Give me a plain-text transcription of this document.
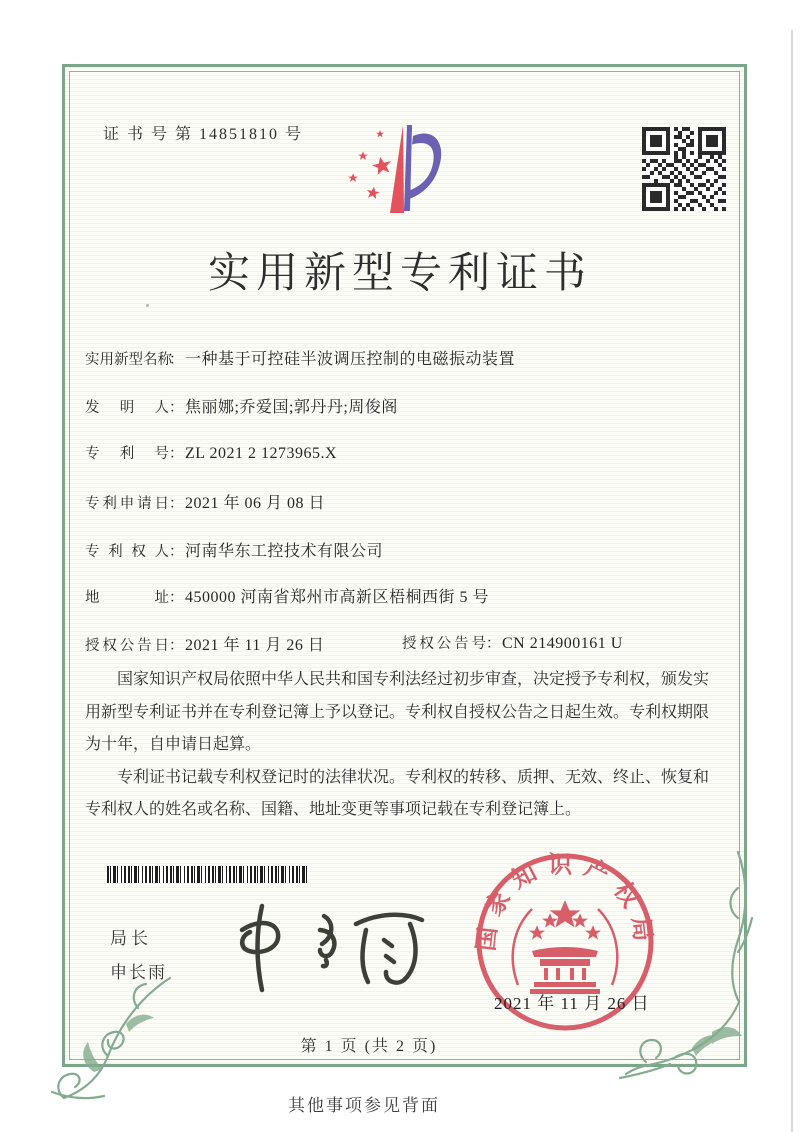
证 书 号 第 14851810 号
实用新型专利证书
实用新型名称：一种基于可控硅半波调压控制的电磁振动装置
发明人：焦丽娜;乔爱国;郭丹丹;周俊阁
专利号：ZL 2021 2 1273965.X
专利申请日：2021 年 06 月 08 日
专利权人：河南华东工控技术有限公司
地址：450000 河南省郑州市高新区梧桐西街 5 号
授权公告日：2021 年 11 月 26 日	授权公告号：CN 214900161 U

国家知识产权局依照中华人民共和国专利法经过初步审查，决定授予专利权，颁发实用新型专利证书并在专利登记簿上予以登记。专利权自授权公告之日起生效。专利权期限为十年，自申请日起算。

专利证书记载专利权登记时的法律状况。专利权的转移、质押、无效、终止、恢复和专利权人的姓名或名称、国籍、地址变更等事项记载在专利登记簿上。

局长
申长雨
国家知识产权局
2021 年 11 月 26 日
第 1 页 (共 2 页)
其他事项参见背面
